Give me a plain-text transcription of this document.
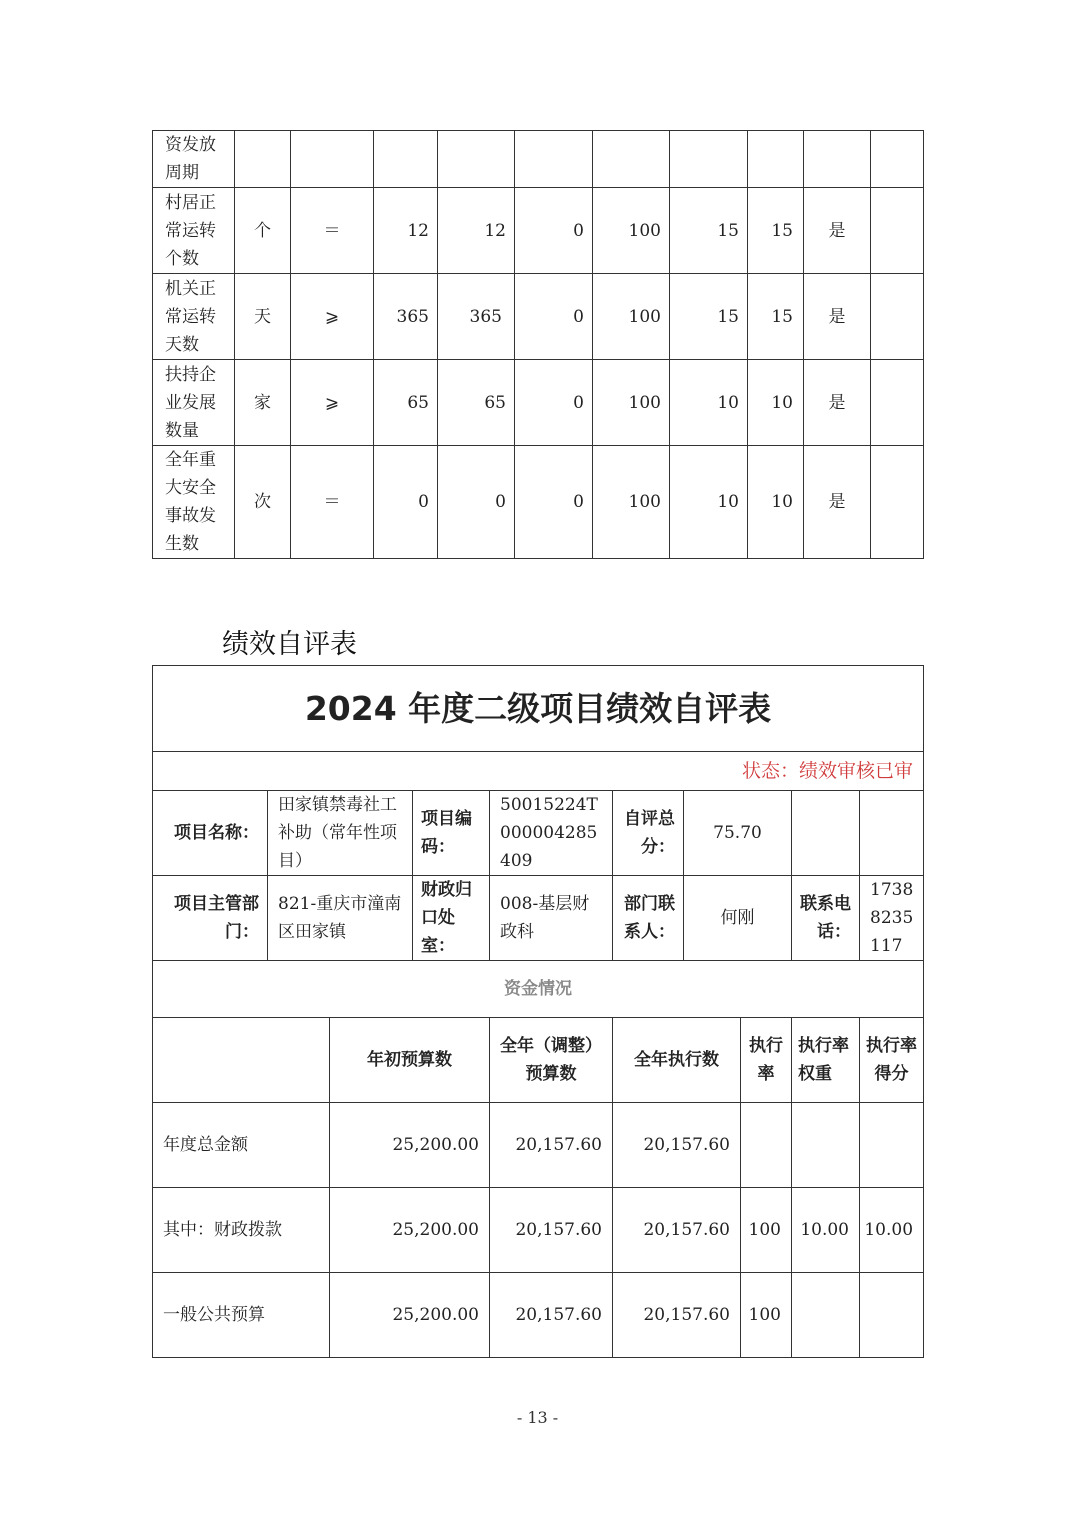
资发放周期										
村居正常运转个数	个	＝	12	12	0	100	15	15	是	
机关正常运转天数	天	⩾	365	365	0	100	15	15	是	
扶持企业发展数量	家	⩾	65	65	0	100	10	10	是	
全年重大安全事故发生数	次	＝	0	0	0	100	10	10	是	
绩效自评表
2024 年度二级项目绩效自评表									
状态：绩效审核已审									
项目名称：	田家镇禁毒社工补助（常年性项目）		项目编码：	50015224T000004285409	自评总分：	75.70			
项目主管部门：	821-重庆市潼南区田家镇		财政归口处室：	008-基层财政科	部门联系人：	何刚		联系电话：	17388235117
资金情况									
		年初预算数		全年（调整）预算数	全年执行数		执行率	执行率权重	执行率得分
年度总金额		25,200.00		20,157.60	20,157.60				
其中：财政拨款		25,200.00		20,157.60	20,157.60		100	10.00	10.00
一般公共预算		25,200.00		20,157.60	20,157.60		100		
- 13 -
